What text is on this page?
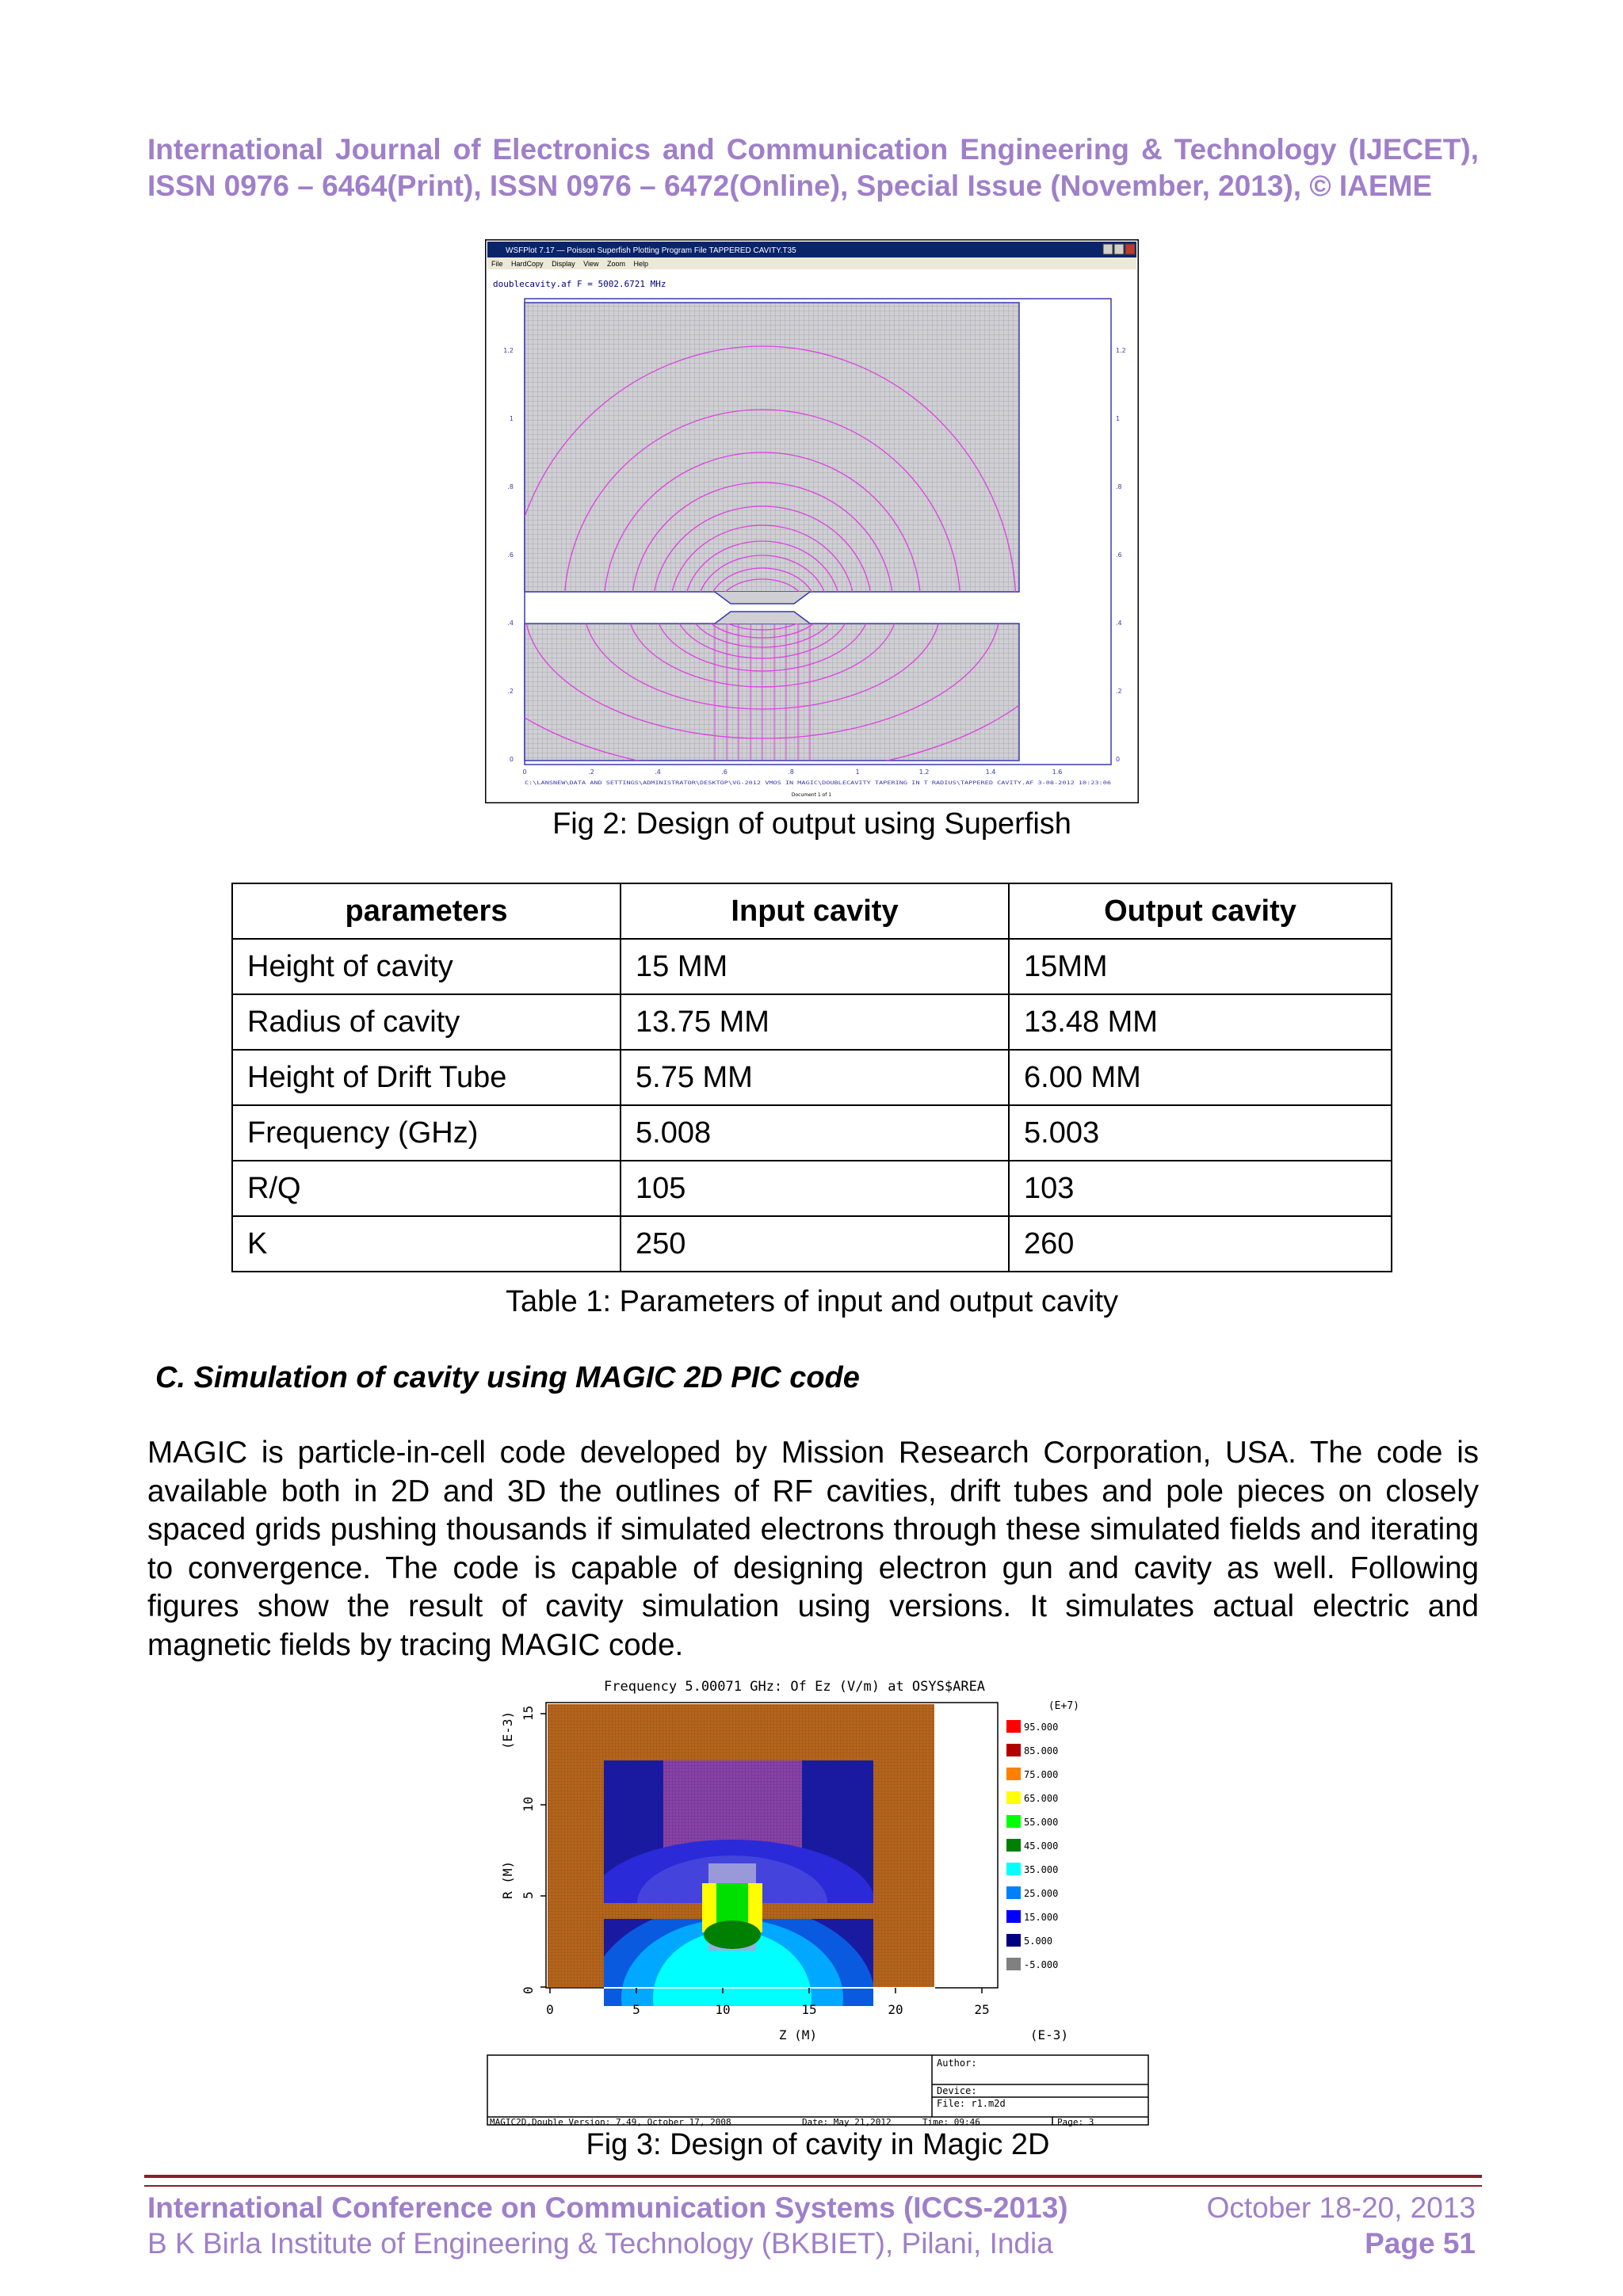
International Journal of Electronics and Communication Engineering & Technology (IJECET),
ISSN 0976 – 6464(Print), ISSN 0976 – 6472(Online), Special Issue (November, 2013), © IAEME
WSFPlot 7.17 — Poisson Superfish Plotting Program File TAPPERED CAVITY.T35
File HardCopy Display View Zoom Help
doublecavity.af F = 5002.6721 MHz
1.2
1
.8
.6
.4
.2
0
1.2
1
.8
.6
.4
.2
0
0	.2	.4	.6	.8	1	1.2	1.4	1.6
C:\LANSNEW\DATA AND SETTINGS\ADMINISTRATOR\DESKTOP\VG-2012 VMOS IN MAGIC\DOUBLECAVITY TAPERING IN T RADIUS\TAPPERED CAVITY.AF 3-08-2012 10:23:06
Document 1 of 1
Fig 2: Design of output using Superfish
parameters	Input cavity	Output cavity
Height of cavity	15 MM	15MM
Radius of cavity	13.75 MM	13.48 MM
Height of Drift Tube	5.75 MM	6.00 MM
Frequency (GHz)	5.008	5.003
R/Q	105	103
K	250	260
Table 1: Parameters of input and output cavity
C. Simulation of cavity using MAGIC 2D PIC code
MAGIC is particle-in-cell code developed by Mission Research Corporation, USA. The code is available both in 2D and 3D the outlines of RF cavities, drift tubes and pole pieces on closely spaced grids pushing thousands if simulated electrons through these simulated fields and iterating to convergence. The code is capable of designing electron gun and cavity as well. Following figures show the result of cavity simulation using versions. It simulates actual electric and magnetic fields by tracing MAGIC code.
Frequency 5.00071 GHz: Of Ez (V/m) at OSYS$AREA
0
5
10
15
R (M)
(E-3)
0	5	10	15	20	25
Z (M)	(E-3)
(E+7)
95.000
85.000
75.000
65.000
55.000
45.000
35.000
25.000
15.000
5.000
-5.000
Author:
Device:
File: r1.m2d
MAGIC2D,Double Version: 7.49, October 17, 2008	Date: May 21,2012	Time: 09:46	Page: 3
Fig 3: Design of cavity in Magic 2D
International Conference on Communication Systems (ICCS-2013)	October 18-20, 2013
B K Birla Institute of Engineering & Technology (BKBIET), Pilani, India	Page 51
